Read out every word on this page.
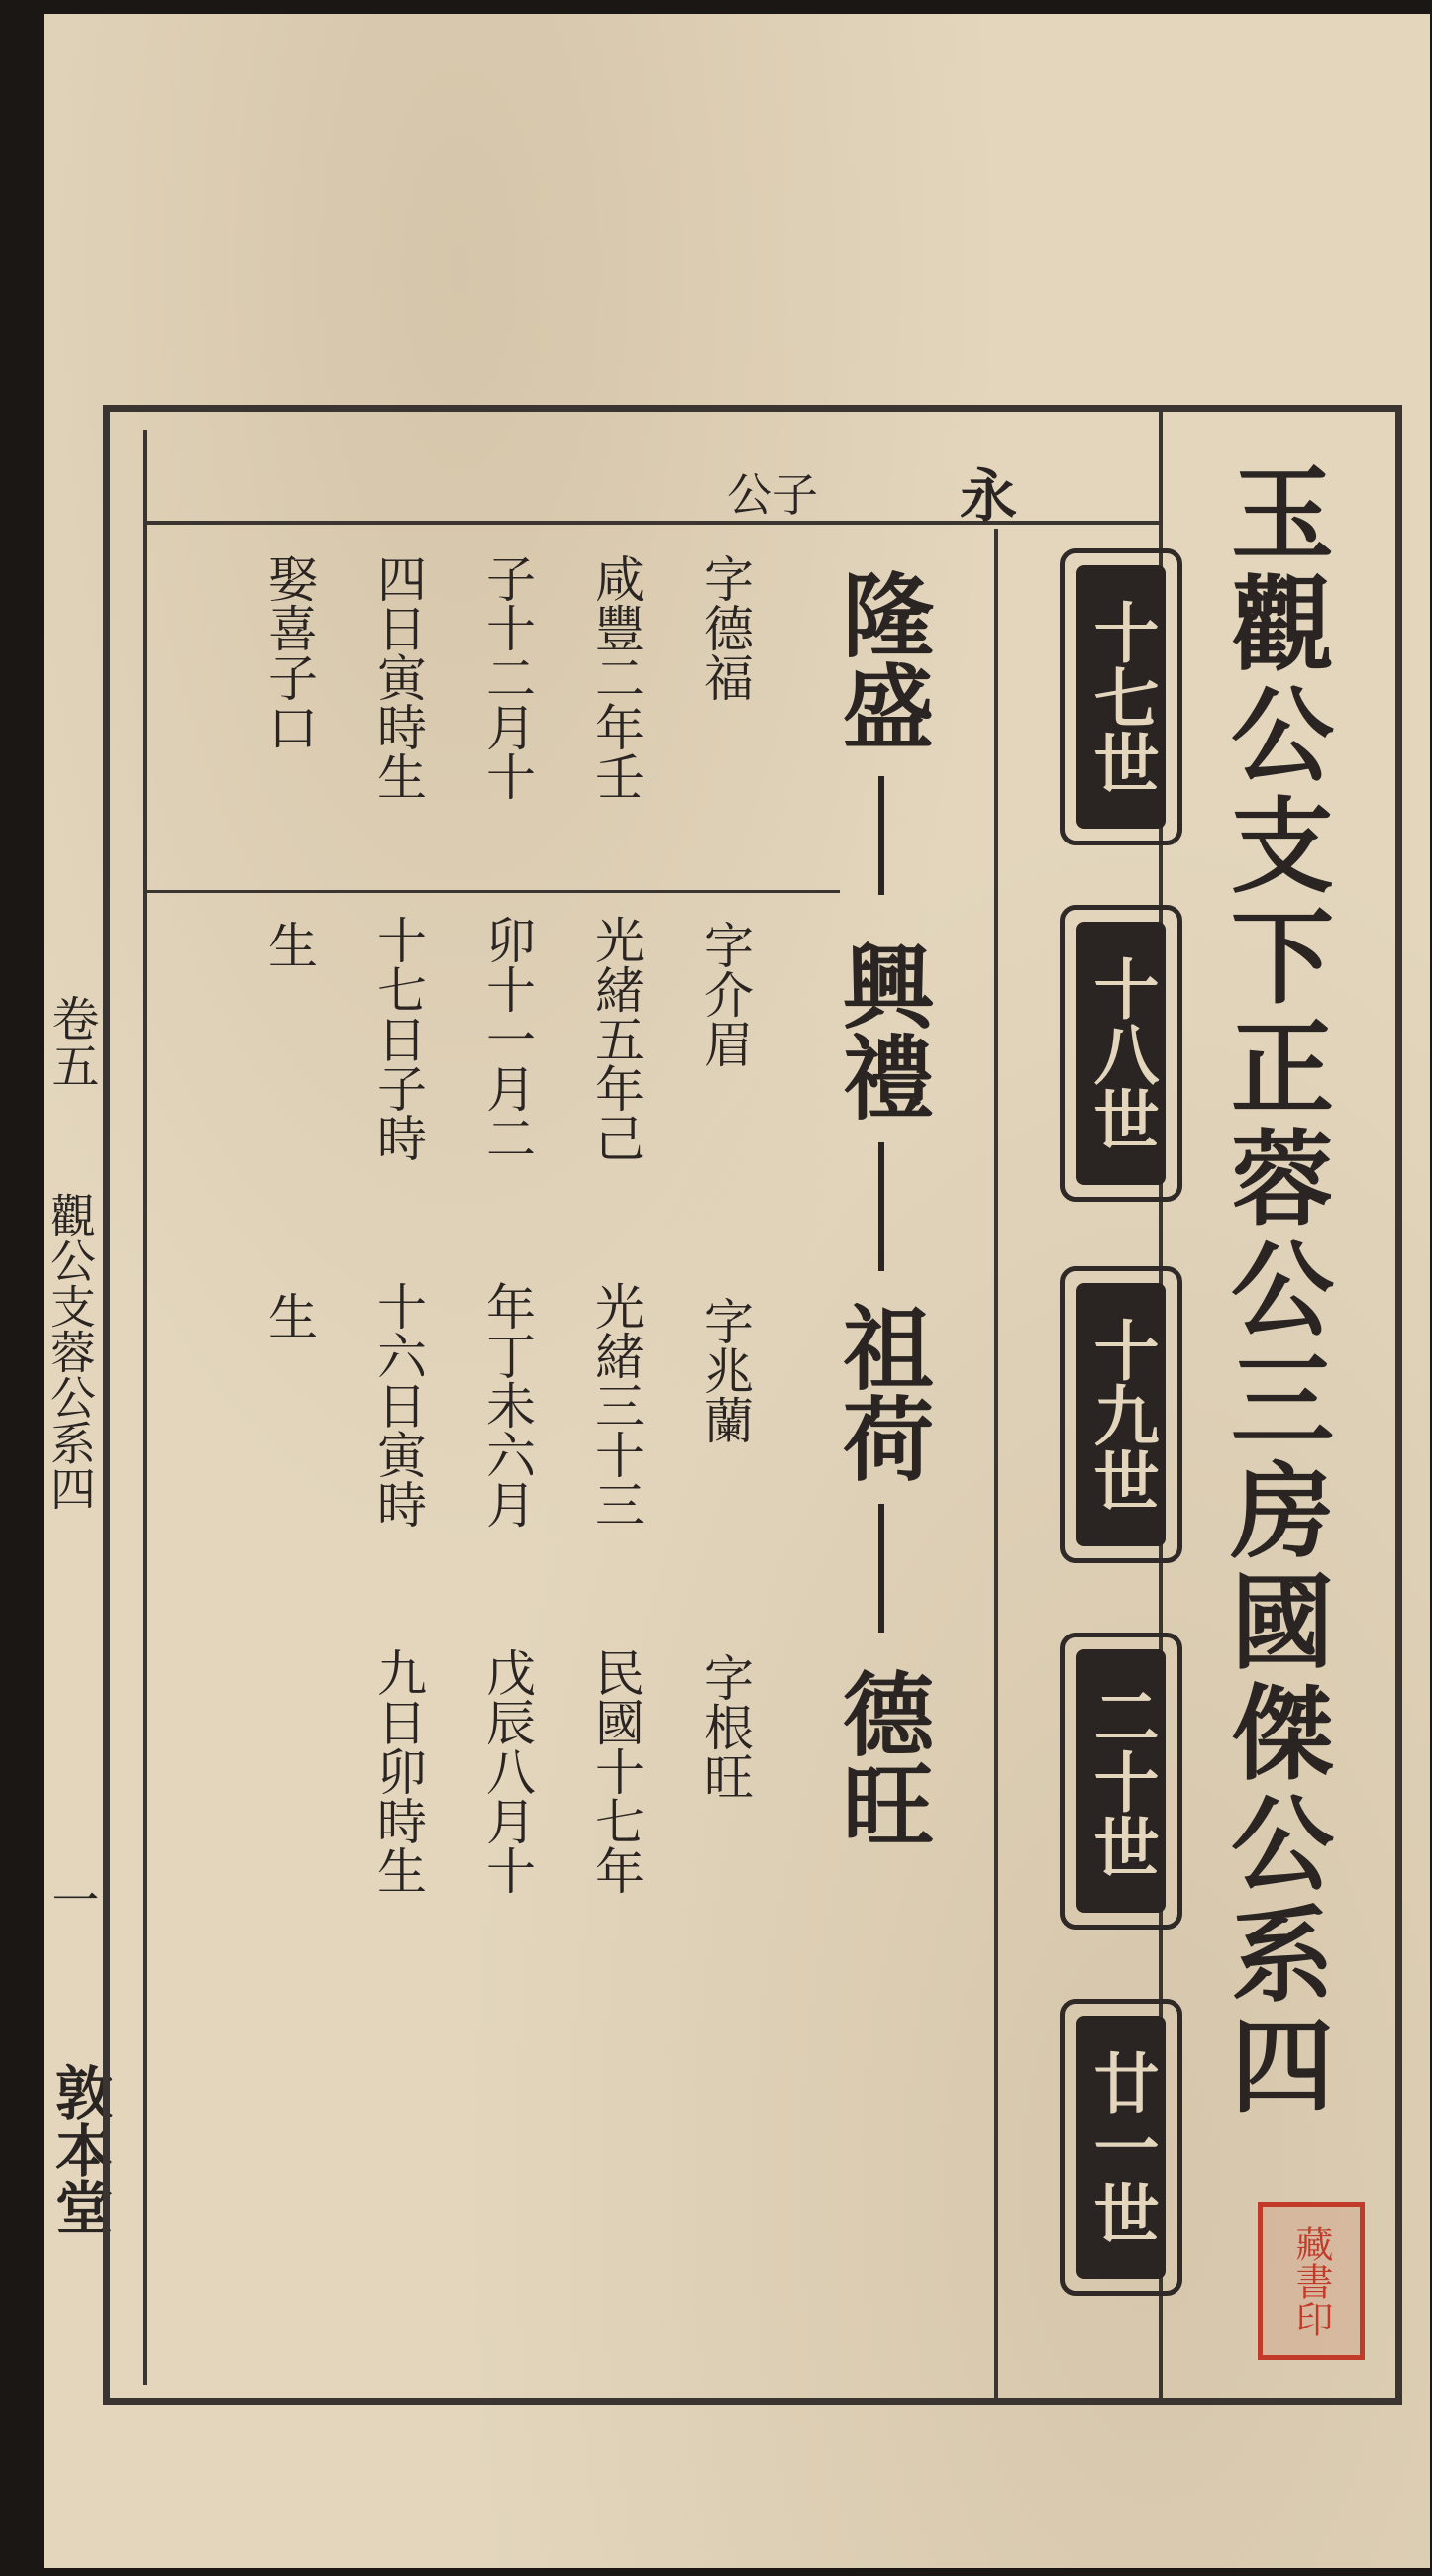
卷五
觀公支蓉公系四
一
敦本堂
玉觀公支下正蓉公三房國傑公系四
十七世
十八世
十九世
二十世
廿一世
永
公子
隆盛
興禮
祖荷
德旺
字德福
咸豐二年壬
子十二月十
四日寅時生
娶喜子口
字介眉
光緒五年己
卯十一月二
十七日子時
生
字兆蘭
光緒三十三
年丁未六月
十六日寅時
生
字根旺
民國十七年
戊辰八月十
九日卯時生
藏書印
